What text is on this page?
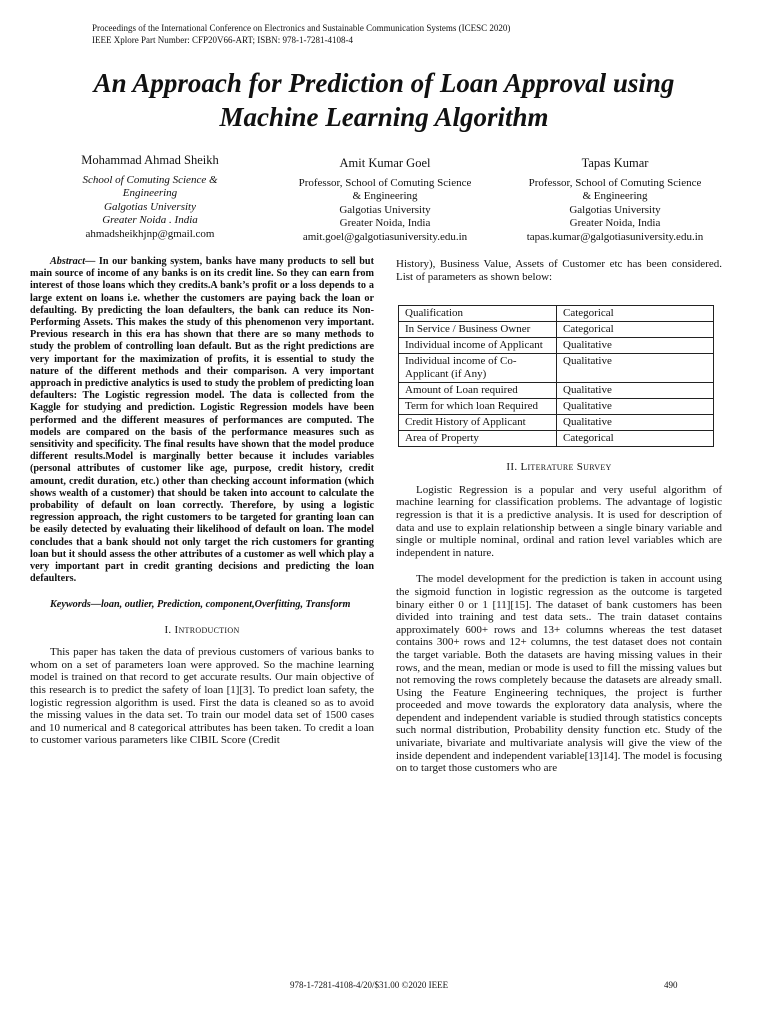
Proceedings of the International Conference on Electronics and Sustainable Communication Systems (ICESC 2020)
IEEE Xplore Part Number: CFP20V66-ART; ISBN: 978-1-7281-4108-4
An Approach for Prediction of Loan Approval using
Machine Learning Algorithm
Mohammad Ahmad Sheikh
School of Comuting Science &
Engineering
Galgotias University
Greater Noida . India
ahmadsheikhjnp@gmail.com
Amit Kumar Goel
Professor, School of Comuting Science
& Engineering
Galgotias University
Greater Noida, India
amit.goel@galgotiasuniversity.edu.in
Tapas Kumar
Professor, School of Comuting Science
& Engineering
Galgotias University
Greater Noida, India
tapas.kumar@galgotiasuniversity.edu.in

Abstract— In our banking system, banks have many products to sell but main source of income of any banks is on its credit line. So they can earn from interest of those loans which they credits.A bank’s profit or a loss depends to a large extent on loans i.e. whether the customers are paying back the loan or defaulting. By predicting the loan defaulters, the bank can reduce its Non- Performing Assets. This makes the study of this phenomenon very important. Previous research in this era has shown that there are so many methods to study the problem of controlling loan default. But as the right predictions are very important for the maximization of profits, it is essential to study the nature of the different methods and their comparison. A very important approach in predictive analytics is used to study the problem of predicting loan defaulters: The Logistic regression model. The data is collected from the Kaggle for studying and prediction. Logistic Regression models have been performed and the different measures of performances are computed. The models are compared on the basis of the performance measures such as sensitivity and specificity. The final results have shown that the model produce different results.Model is marginally better because it includes variables (personal attributes of customer like age, purpose, credit history, credit amount, credit duration, etc.) other than checking account information (which shows wealth of a customer) that should be taken into account to calculate the probability of default on loan correctly. Therefore, by using a logistic regression approach, the right customers to be targeted for granting loan can be easily detected by evaluating their likelihood of default on loan. The model concludes that a bank should not only target the rich customers for granting loan but it should assess the other attributes of a customer as well which play a very important part in credit granting decisions and predicting the loan defaulters.

Keywords—loan, outlier, Prediction, component,Overfitting, Transform

I. Introduction

This paper has taken the data of previous customers of various banks to whom on a set of parameters loan were approved. So the machine learning model is trained on that record to get accurate results. Our main objective of this research is to predict the safety of loan [1][3]. To predict loan safety, the logistic regression algorithm is used. First the data is cleaned so as to avoid the missing values in the data set. To train our model data set of 1500 cases and 10 numerical and 8 categorical attributes has been taken. To credit a loan to customer various parameters like CIBIL Score (Credit

History), Business Value, Assets of Customer etc has been considered. List of parameters as shown below:

Qualification	Categorical
In Service / Business Owner	Categorical
Individual income of Applicant	Qualitative
Individual income of Co-Applicant (if Any)	Qualitative
Amount of Loan required	Qualitative
Term for which loan Required	Qualitative
Credit History of Applicant	Qualitative
Area of Property	Categorical
II. Literature Survey

Logistic Regression is a popular and very useful algorithm of machine learning for classification problems. The advantage of logistic regression is that it is a predictive analysis. It is used for description of data and use to explain relationship between a single binary variable and single or multiple nominal, ordinal and ration level variables which are independent in nature.

The model development for the prediction is taken in account using the sigmoid function in logistic regression as the outcome is targeted binary either 0 or 1 [11][15]. The dataset of bank customers has been divided into training and test data sets.. The train dataset contains approximately 600+ rows and 13+ columns whereas the test dataset contains 300+ rows and 12+ columns, the test dataset does not contain the target variable. Both the datasets are having missing values in their rows, and the mean, median or mode is used to fill the missing values but not removing the rows completely because the datasets are already small. Using the Feature Engineering techniques, the project is further proceeded and move towards the exploratory data analysis, where the dependent and independent variable is studied through statistics concepts such normal distribution, Probability density function etc. Study of the univariate, bivariate and multivariate analysis will give the view of the inside dependent and independent variable[13]14]. The model is focusing on to target those customers who are

978-1-7281-4108-4/20/$31.00 ©2020 IEEE	490
